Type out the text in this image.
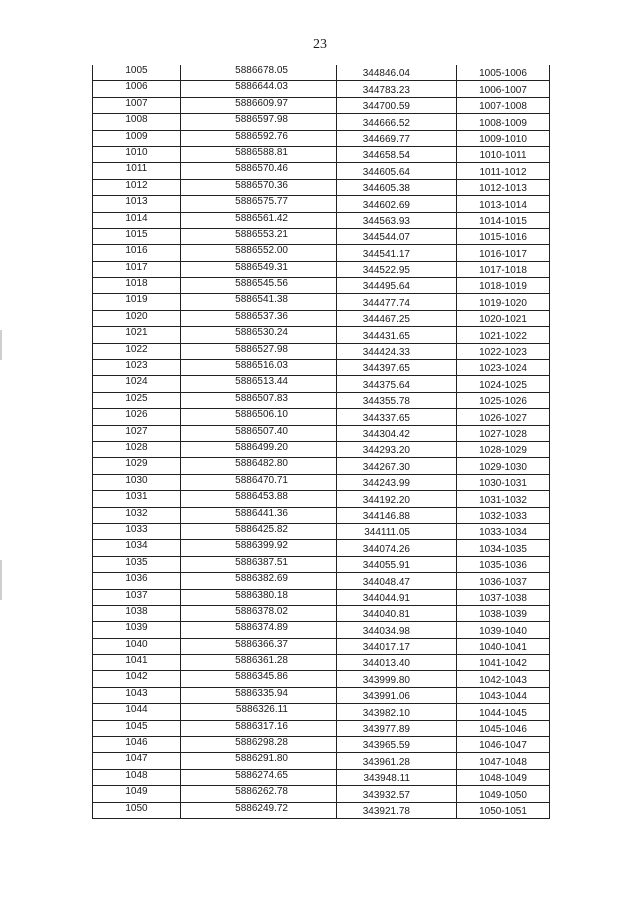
23
1005	5886678.05	344846.04	1005-1006
1006	5886644.03	344783.23	1006-1007
1007	5886609.97	344700.59	1007-1008
1008	5886597.98	344666.52	1008-1009
1009	5886592.76	344669.77	1009-1010
1010	5886588.81	344658.54	1010-1011
1011	5886570.46	344605.64	1011-1012
1012	5886570.36	344605.38	1012-1013
1013	5886575.77	344602.69	1013-1014
1014	5886561.42	344563.93	1014-1015
1015	5886553.21	344544.07	1015-1016
1016	5886552.00	344541.17	1016-1017
1017	5886549.31	344522.95	1017-1018
1018	5886545.56	344495.64	1018-1019
1019	5886541.38	344477.74	1019-1020
1020	5886537.36	344467.25	1020-1021
1021	5886530.24	344431.65	1021-1022
1022	5886527.98	344424.33	1022-1023
1023	5886516.03	344397.65	1023-1024
1024	5886513.44	344375.64	1024-1025
1025	5886507.83	344355.78	1025-1026
1026	5886506.10	344337.65	1026-1027
1027	5886507.40	344304.42	1027-1028
1028	5886499.20	344293.20	1028-1029
1029	5886482.80	344267.30	1029-1030
1030	5886470.71	344243.99	1030-1031
1031	5886453.88	344192.20	1031-1032
1032	5886441.36	344146.88	1032-1033
1033	5886425.82	344111.05	1033-1034
1034	5886399.92	344074.26	1034-1035
1035	5886387.51	344055.91	1035-1036
1036	5886382.69	344048.47	1036-1037
1037	5886380.18	344044.91	1037-1038
1038	5886378.02	344040.81	1038-1039
1039	5886374.89	344034.98	1039-1040
1040	5886366.37	344017.17	1040-1041
1041	5886361.28	344013.40	1041-1042
1042	5886345.86	343999.80	1042-1043
1043	5886335.94	343991.06	1043-1044
1044	5886326.11	343982.10	1044-1045
1045	5886317.16	343977.89	1045-1046
1046	5886298.28	343965.59	1046-1047
1047	5886291.80	343961.28	1047-1048
1048	5886274.65	343948.11	1048-1049
1049	5886262.78	343932.57	1049-1050
1050	5886249.72	343921.78	1050-1051
